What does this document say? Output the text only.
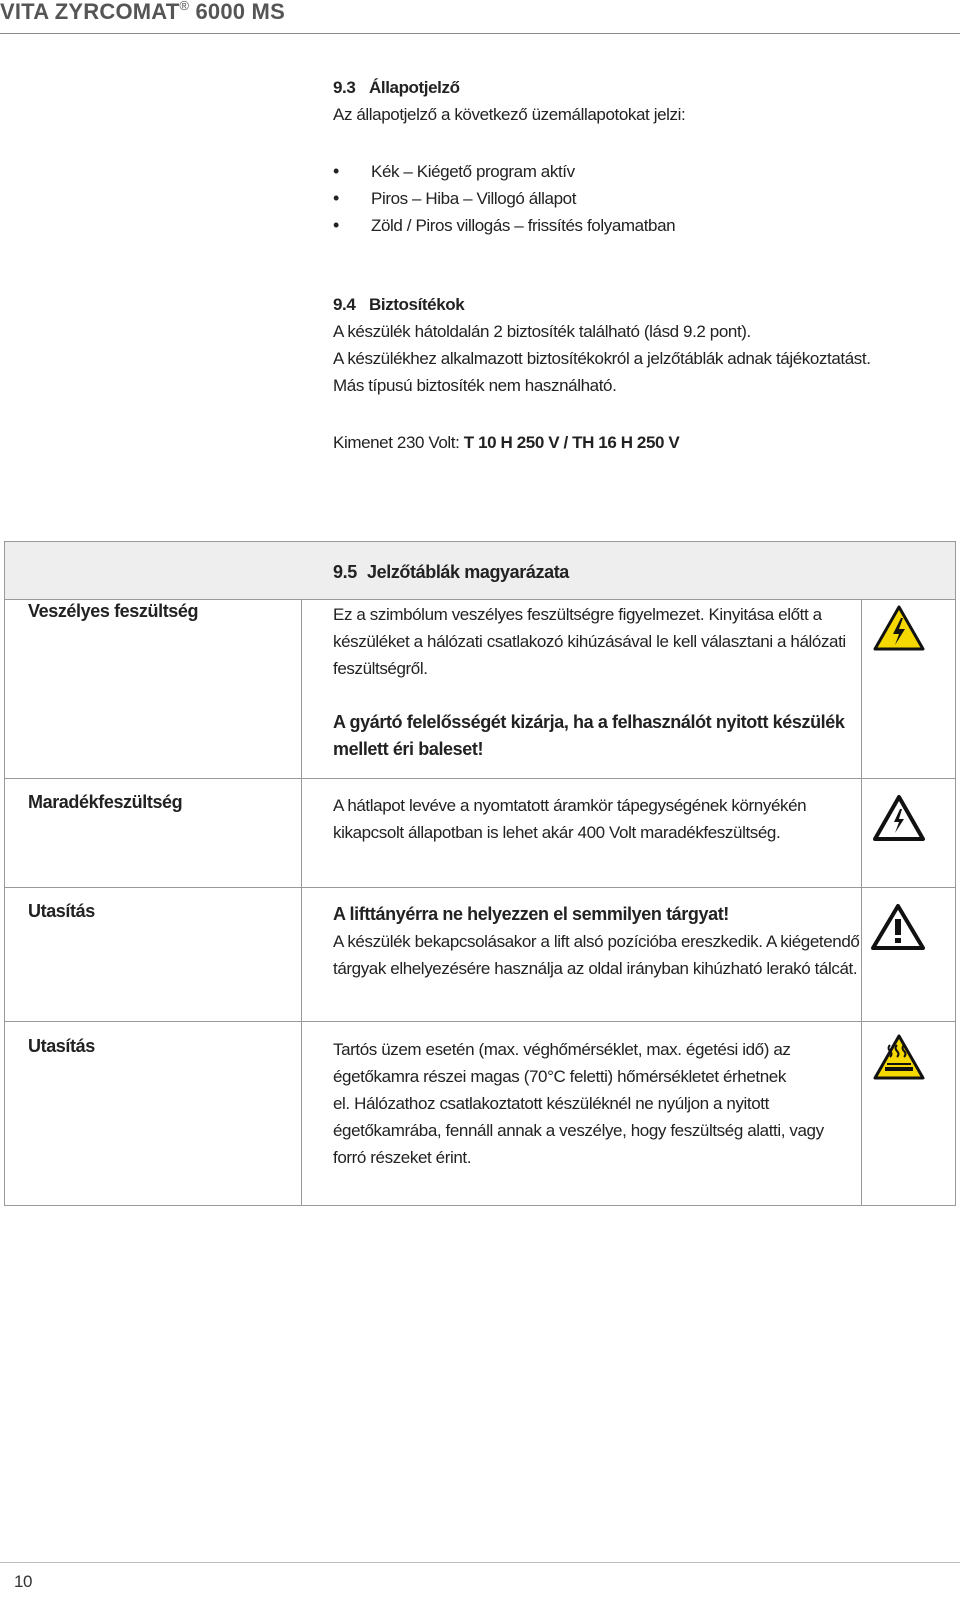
VITA ZYRCOMAT® 6000 MS
9.3 Állapotjelző
Az állapotjelző a következő üzemállapotokat jelzi:
• Kék – Kiégető program aktív
• Piros – Hiba – Villogó állapot
• Zöld / Piros villogás – frissítés folyamatban
9.4 Biztosítékok
A készülék hátoldalán 2 biztosíték található (lásd 9.2 pont).
A készülékhez alkalmazott biztosítékokról a jelzőtáblák adnak tájékoztatást.
Más típusú biztosíték nem használható.
Kimenet 230 Volt: T 10 H 250 V / TH 16 H 250 V
9.5 Jelzőtáblák magyarázata
Veszélyes feszültség	Ez a szimbólum veszélyes feszültségre figyelmezet. Kinyitása előtt a
készüléket a hálózati csatlakozó kihúzásával le kell választani a hálózati
feszültségről.
A gyártó felelősségét kizárja, ha a felhasználót nyitott készülék
mellett éri baleset!
Maradékfeszültség	A hátlapot levéve a nyomtatott áramkör tápegységének környékén
kikapcsolt állapotban is lehet akár 400 Volt maradékfeszültség.
Utasítás	A lifttányérra ne helyezzen el semmilyen tárgyat!
A készülék bekapcsolásakor a lift alsó pozícióba ereszkedik. A kiégetendő
tárgyak elhelyezésére használja az oldal irányban kihúzható lerakó tálcát.
Utasítás	Tartós üzem esetén (max. véghőmérséklet, max. égetési idő) az
égetőkamra részei magas (70°C feletti) hőmérsékletet érhetnek
el. Hálózathoz csatlakoztatott készüléknél ne nyúljon a nyitott
égetőkamrába, fennáll annak a veszélye, hogy feszültség alatti, vagy
forró részeket érint.
10
